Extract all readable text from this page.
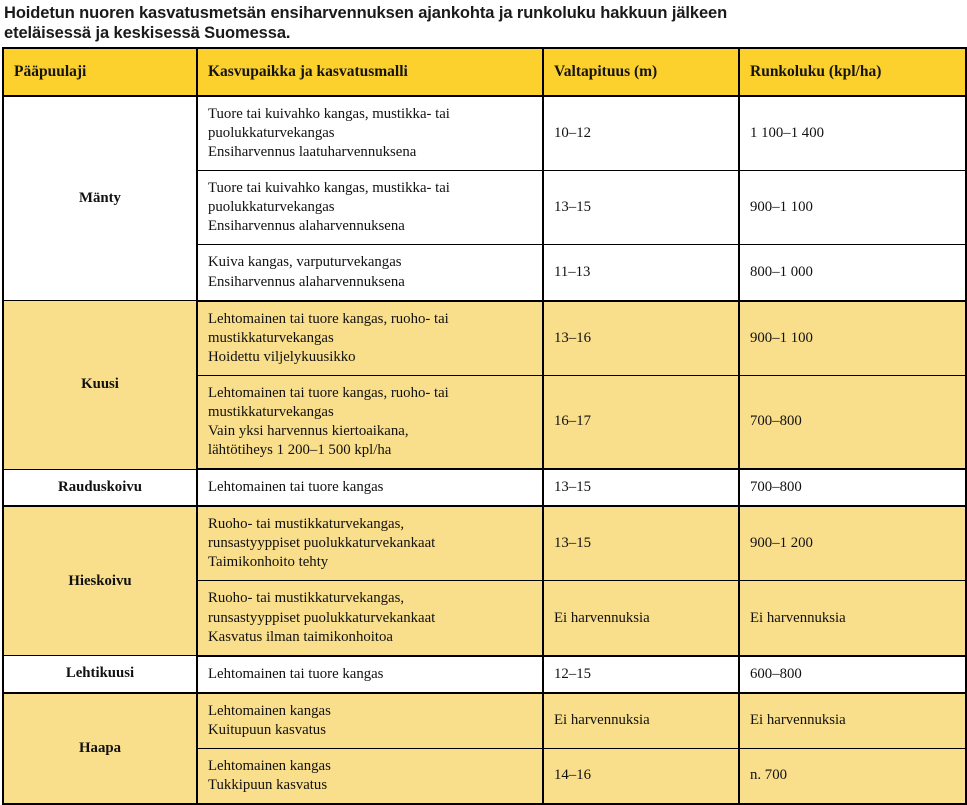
Hoidetun nuoren kasvatusmetsän ensiharvennuksen ajankohta ja runkoluku hakkuun jälkeen
eteläisessä ja keskisessä Suomessa.
Pääpuulaji	Kasvupaikka ja kasvatusmalli	Valtapituus (m)	Runkoluku (kpl/ha)
Mänty	Tuore tai kuivahko kangas, mustikka- tai
puolukkaturvekangas
Ensiharvennus laatuharvennuksena	10–12	1 100–1 400

	Tuore tai kuivahko kangas, mustikka- tai
puolukkaturvekangas
Ensiharvennus alaharvennuksena	13–15	900–1 100

	Kuiva kangas, varputurvekangas
Ensiharvennus alaharvennuksena	11–13	800–1 000
Kuusi	Lehtomainen tai tuore kangas, ruoho- tai
mustikkaturvekangas
Hoidettu viljelykuusikko	13–16	900–1 100

	Lehtomainen tai tuore kangas, ruoho- tai
mustikkaturvekangas
Vain yksi harvennus kiertoaikana,
lähtötiheys 1 200–1 500 kpl/ha	16–17	700–800
Rauduskoivu	Lehtomainen tai tuore kangas	13–15	700–800
Hieskoivu	Ruoho- tai mustikkaturvekangas,
runsastyyppiset puolukkaturvekankaat
Taimikonhoito tehty	13–15	900–1 200

	Ruoho- tai mustikkaturvekangas,
runsastyyppiset puolukkaturvekankaat
Kasvatus ilman taimikonhoitoa	Ei harvennuksia	Ei harvennuksia
Lehtikuusi	Lehtomainen tai tuore kangas	12–15	600–800
Haapa	Lehtomainen kangas
Kuitupuun kasvatus	Ei harvennuksia	Ei harvennuksia

	Lehtomainen kangas
Tukkipuun kasvatus	14–16	n. 700
